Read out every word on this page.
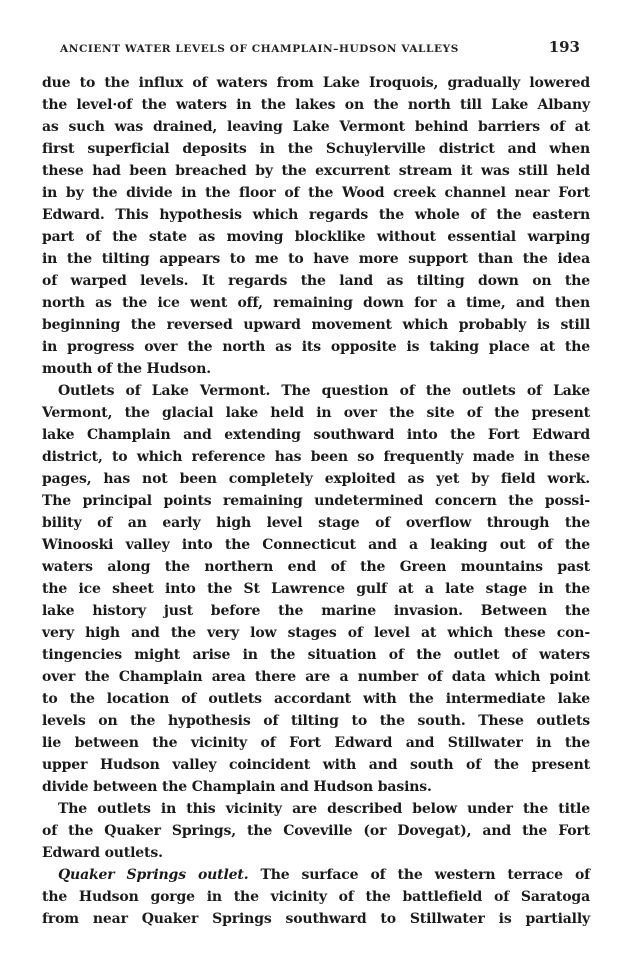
ANCIENT WATER LEVELS OF CHAMPLAIN–HUDSON VALLEYS	193
due to the influx of waters from Lake Iroquois, gradually lowered
the level·of the waters in the lakes on the north till Lake Albany
as such was drained, leaving Lake Vermont behind barriers of at
first superficial deposits in the Schuylerville district and when
these had been breached by the excurrent stream it was still held
in by the divide in the floor of the Wood creek channel near Fort
Edward. This hypothesis which regards the whole of the eastern
part of the state as moving blocklike without essential warping
in the tilting appears to me to have more support than the idea
of warped levels. It regards the land as tilting down on the
north as the ice went off, remaining down for a time, and then
beginning the reversed upward movement which probably is still
in progress over the north as its opposite is taking place at the
mouth of the Hudson.
Outlets of Lake Vermont. The question of the outlets of Lake
Vermont, the glacial lake held in over the site of the present
lake Champlain and extending southward into the Fort Edward
district, to which reference has been so frequently made in these
pages, has not been completely exploited as yet by field work.
The principal points remaining undetermined concern the possi-
bility of an early high level stage of overflow through the
Winooski valley into the Connecticut and a leaking out of the
waters along the northern end of the Green mountains past
the ice sheet into the St Lawrence gulf at a late stage in the
lake history just before the marine invasion. Between the
very high and the very low stages of level at which these con-
tingencies might arise in the situation of the outlet of waters
over the Champlain area there are a number of data which point
to the location of outlets accordant with the intermediate lake
levels on the hypothesis of tilting to the south. These outlets
lie between the vicinity of Fort Edward and Stillwater in the
upper Hudson valley coincident with and south of the present
divide between the Champlain and Hudson basins.
The outlets in this vicinity are described below under the title
of the Quaker Springs, the Coveville (or Dovegat), and the Fort
Edward outlets.
Quaker Springs outlet. The surface of the western terrace of
the Hudson gorge in the vicinity of the battlefield of Saratoga
from near Quaker Springs southward to Stillwater is partially
